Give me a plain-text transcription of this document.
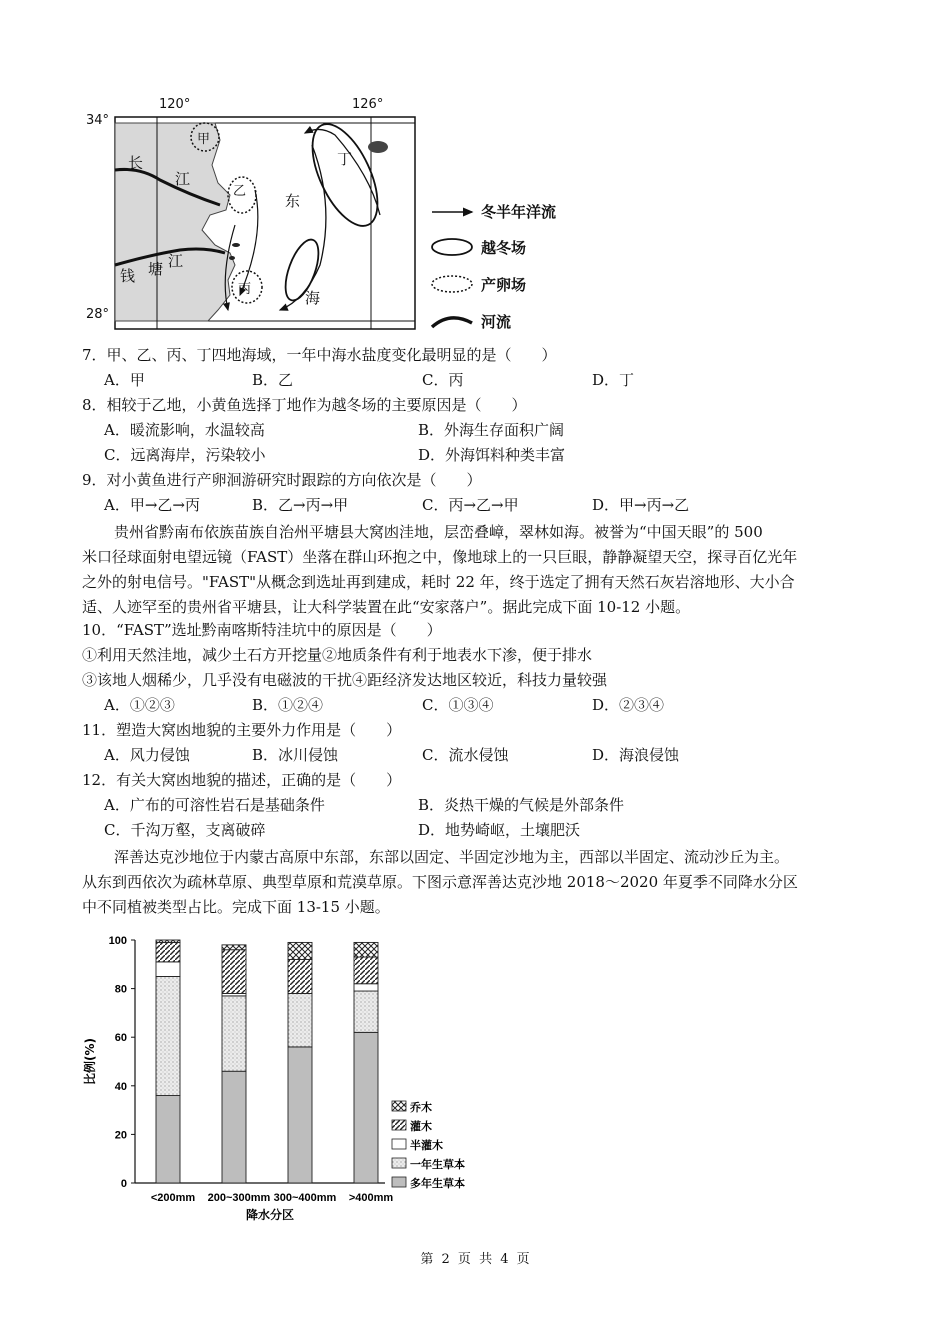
120°	126°
34°
28°
甲
乙
丙
丁
长
江
钱 塘 江
东
海
冬半年洋流
越冬场
产卵场
河流
7．甲、乙、丙、丁四地海域，一年中海水盐度变化最明显的是（　　）
A．甲	B．乙	C．丙	D．丁
8．相较于乙地，小黄鱼选择丁地作为越冬场的主要原因是（　　）
A．暖流影响，水温较高	B．外海生存面积广阔
C．远离海岸，污染较小	D．外海饵料种类丰富
9．对小黄鱼进行产卵洄游研究时跟踪的方向依次是（　　）
A．甲→乙→丙	B．乙→丙→甲	C．丙→乙→甲	D．甲→丙→乙

贵州省黔南布依族苗族自治州平塘县大窝凼洼地，层峦叠嶂，翠林如海。被誉为“中国天眼”的 500

米口径球面射电望远镜（FAST）坐落在群山环抱之中，像地球上的一只巨眼，静静凝望天空，探寻百亿光年

之外的射电信号。"FAST"从概念到选址再到建成，耗时 22 年，终于选定了拥有天然石灰岩溶地形、大小合

适、人迹罕至的贵州省平塘县，让大科学装置在此“安家落户”。据此完成下面 10-12 小题。

10．“FAST”选址黔南喀斯特洼坑中的原因是（　　）
①利用天然洼地，减少土石方开挖量②地质条件有利于地表水下渗，便于排水
③该地人烟稀少，几乎没有电磁波的干扰④距经济发达地区较近，科技力量较强
A．①②③	B．①②④	C．①③④	D．②③④
11．塑造大窝凼地貌的主要外力作用是（　　）
A．风力侵蚀	B．冰川侵蚀	C．流水侵蚀	D．海浪侵蚀
12．有关大窝凼地貌的描述，正确的是（　　）
A．广布的可溶性岩石是基础条件	B．炎热干燥的气候是外部条件
C．千沟万壑，支离破碎	D．地势崎岖，土壤肥沃

浑善达克沙地位于内蒙古高原中东部，东部以固定、半固定沙地为主，西部以半固定、流动沙丘为主。

从东到西依次为疏林草原、典型草原和荒漠草原。下图示意浑善达克沙地 2018～2020 年夏季不同降水分区

中不同植被类型占比。完成下面 13-15 小题。

0
20
40
60
80
100
比例(%)
降水分区
<200mm 200~300mm 300~400mm >400mm
乔木
灌木
半灌木
一年生草本
多年生草本
第 2 页 共 4 页
